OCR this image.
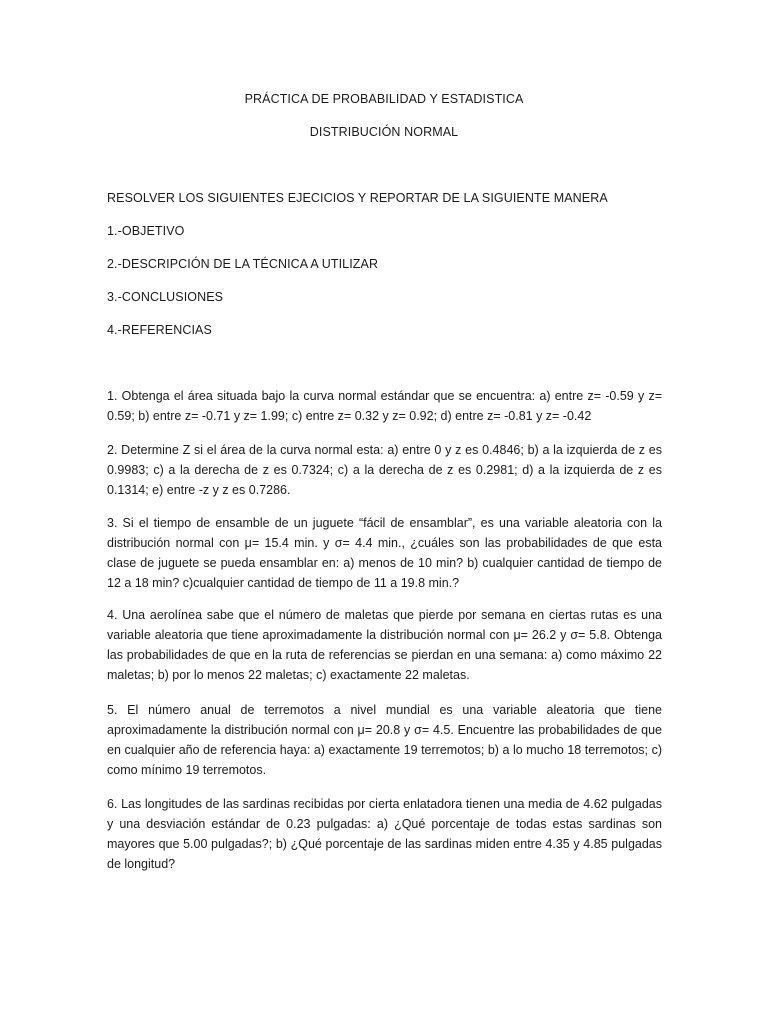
PRÁCTICA DE PROBABILIDAD Y ESTADISTICA
DISTRIBUCIÓN NORMAL
RESOLVER LOS SIGUIENTES EJECICIOS Y REPORTAR DE LA SIGUIENTE MANERA
1.-OBJETIVO
2.-DESCRIPCIÓN DE LA TÉCNICA A UTILIZAR
3.-CONCLUSIONES
4.-REFERENCIAS
1. Obtenga el área situada bajo la curva normal estándar que se encuentra: a) entre z= -0.59 y z= 0.59; b) entre z= -0.71 y z= 1.99; c) entre z= 0.32 y z= 0.92; d) entre z= -0.81 y z= -0.42
2. Determine Z si el área de la curva normal esta: a) entre 0 y z es 0.4846; b) a la izquierda de z es 0.9983; c) a la derecha de z es 0.7324; c) a la derecha de z es 0.2981; d) a la izquierda de z es 0.1314; e) entre -z y z es 0.7286.
3. Si el tiempo de ensamble de un juguete “fácil de ensamblar”, es una variable aleatoria con la distribución normal con μ= 15.4 min. y σ= 4.4 min., ¿cuáles son las probabilidades de que esta clase de juguete se pueda ensamblar en: a) menos de 10 min? b) cualquier cantidad de tiempo de 12 a 18 min? c)cualquier cantidad de tiempo de 11 a 19.8 min.?
4. Una aerolínea sabe que el número de maletas que pierde por semana en ciertas rutas es una variable aleatoria que tiene aproximadamente la distribución normal con μ= 26.2 y σ= 5.8. Obtenga las probabilidades de que en la ruta de referencias se pierdan en una semana: a) como máximo 22 maletas; b) por lo menos 22 maletas; c) exactamente 22 maletas.
5. El número anual de terremotos a nivel mundial es una variable aleatoria que tiene aproximadamente la distribución normal con μ= 20.8 y σ= 4.5. Encuentre las probabilidades de que en cualquier año de referencia haya: a) exactamente 19 terremotos; b) a lo mucho 18 terremotos; c) como mínimo 19 terremotos.
6. Las longitudes de las sardinas recibidas por cierta enlatadora tienen una media de 4.62 pulgadas y una desviación estándar de 0.23 pulgadas: a) ¿Qué porcentaje de todas estas sardinas son mayores que 5.00 pulgadas?; b) ¿Qué porcentaje de las sardinas miden entre 4.35 y 4.85 pulgadas de longitud?
